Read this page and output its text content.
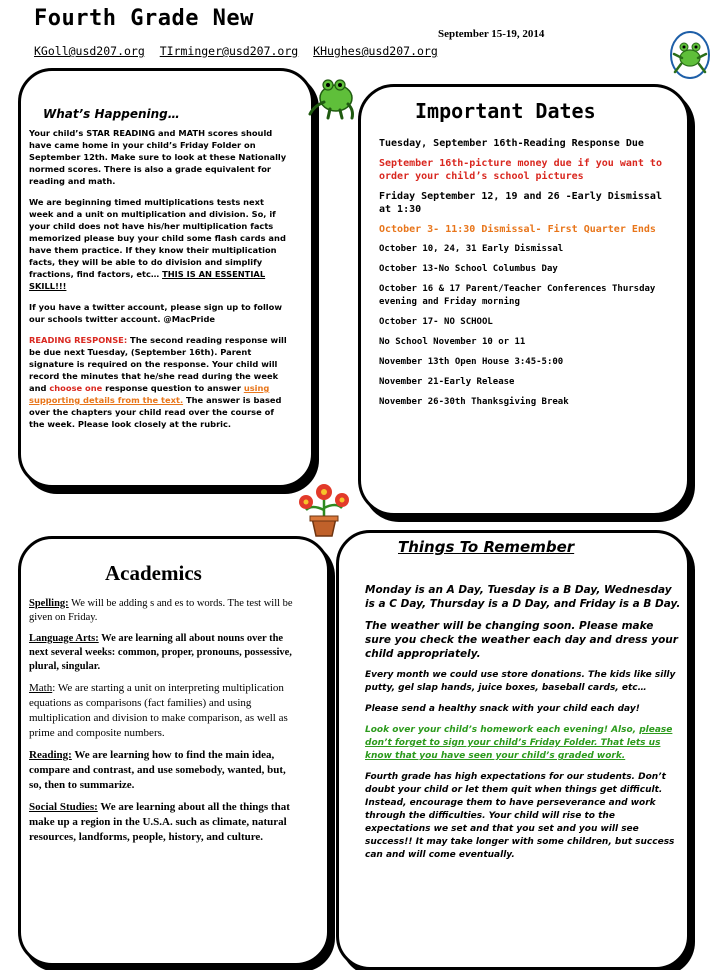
Fourth Grade New
September 15-19, 2014
KGoll@usd207.org TIrminger@usd207.org KHughes@usd207.org
What’s Happening…

Your child’s STAR READING and MATH scores should have came home in your child’s Friday Folder on September 12th. Make sure to look at these Nationally normed scores. There is also a grade equivalent for reading and math.

We are beginning timed multiplications tests next week and a unit on multiplication and division. So, if your child does not have his/her multiplication facts memorized please buy your child some flash cards and have them practice. If they know their multiplication facts, they will be able to do division and simplify fractions, find factors, etc… THIS IS AN ESSENTIAL SKILL!!!

If you have a twitter account, please sign up to follow our schools twitter account. @MacPride

READING RESPONSE: The second reading response will be due next Tuesday, (September 16th). Parent signature is required on the response. Your child will record the minutes that he/she read during the week and choose one response question to answer using supporting details from the text. The answer is based over the chapters your child read over the course of the week. Please look closely at the rubric.

Important Dates
Tuesday, September 16th-Reading Response Due
September 16th-picture money due if you want to order your child’s school pictures
Friday September 12, 19 and 26 -Early Dismissal at 1:30
October 3- 11:30 Dismissal- First Quarter Ends
October 10, 24, 31 Early Dismissal
October 13-No School Columbus Day
October 16 & 17 Parent/Teacher Conferences Thursday evening and Friday morning
October 17- NO SCHOOL
No School November 10 or 11
November 13th Open House 3:45-5:00
November 21-Early Release
November 26-30th Thanksgiving Break
Academics

Spelling: We will be adding s and es to words. The test will be given on Friday.

Language Arts: We are learning all about nouns over the next several weeks: common, proper, pronouns, possessive, plural, singular.

Math: We are starting a unit on interpreting multiplication equations as comparisons (fact families) and using multiplication and division to make comparison, as well as prime and composite numbers.

Reading: We are learning how to find the main idea, compare and contrast, and use somebody, wanted, but, so, then to summarize.

Social Studies: We are learning about all the things that make up a region in the U.S.A. such as climate, natural resources, landforms, people, history, and culture.

Monday is an A Day, Tuesday is a B Day, Wednesday is a C Day, Thursday is a D Day, and Friday is a B Day.

The weather will be changing soon. Please make sure you check the weather each day and dress your child appropriately.

Every month we could use store donations. The kids like silly putty, gel slap hands, juice boxes, baseball cards, etc…

Please send a healthy snack with your child each day!

Look over your child’s homework each evening! Also, please don’t forget to sign your child’s Friday Folder. That lets us know that you have seen your child’s graded work.

Fourth grade has high expectations for our students. Don’t doubt your child or let them quit when things get difficult. Instead, encourage them to have perseverance and work through the difficulties. Your child will rise to the expectations we set and that you set and you will see success!! It may take longer with some children, but success can and will come eventually.

Things To Remember
